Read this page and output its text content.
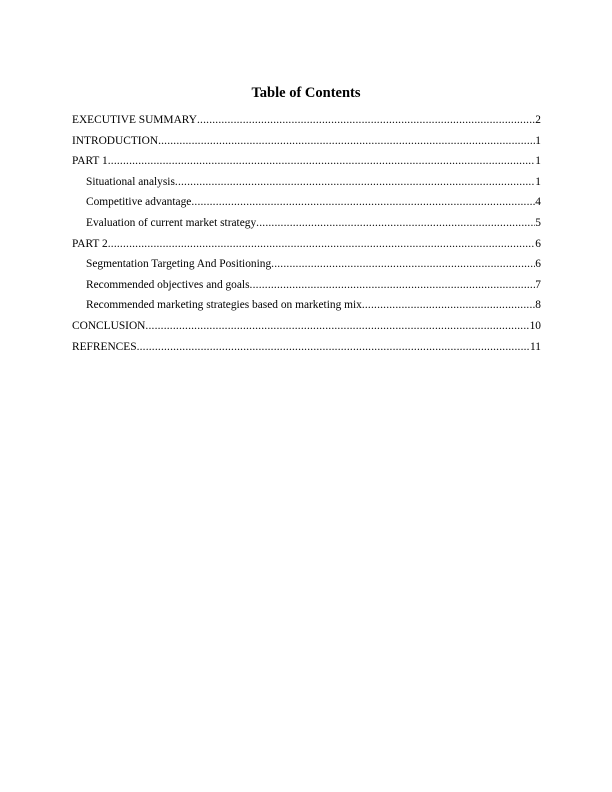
Table of Contents
EXECUTIVE SUMMARY .....	2
INTRODUCTION .....	1
PART 1 .....	1
Situational analysis .....	1
Competitive advantage .....	4
Evaluation of current market strategy .....	5
PART 2 .....	6
Segmentation Targeting And Positioning .....	6
Recommended objectives and goals .....	7
Recommended marketing strategies based on marketing mix .....	8
CONCLUSION .....	10
REFRENCES .....	11
